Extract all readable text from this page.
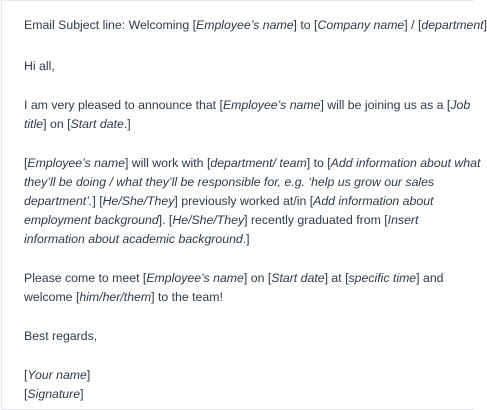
Email Subject line: Welcoming [Employee’s name] to [Company name] / [department]
Hi all,
I am very pleased to announce that [Employee’s name] will be joining us as a [Job
title] on [Start date.]
[Employee’s name] will work with [department/ team] to [Add information about what
they’ll be doing / what they’ll be responsible for, e.g. ‘help us grow our sales
department’.] [He/She/They] previously worked at/in [Add information about
employment background]. [He/She/They] recently graduated from [Insert
information about academic background.]
Please come to meet [Employee’s name] on [Start date] at [specific time] and
welcome [him/her/them] to the team!
Best regards,
[Your name]
[Signature]
